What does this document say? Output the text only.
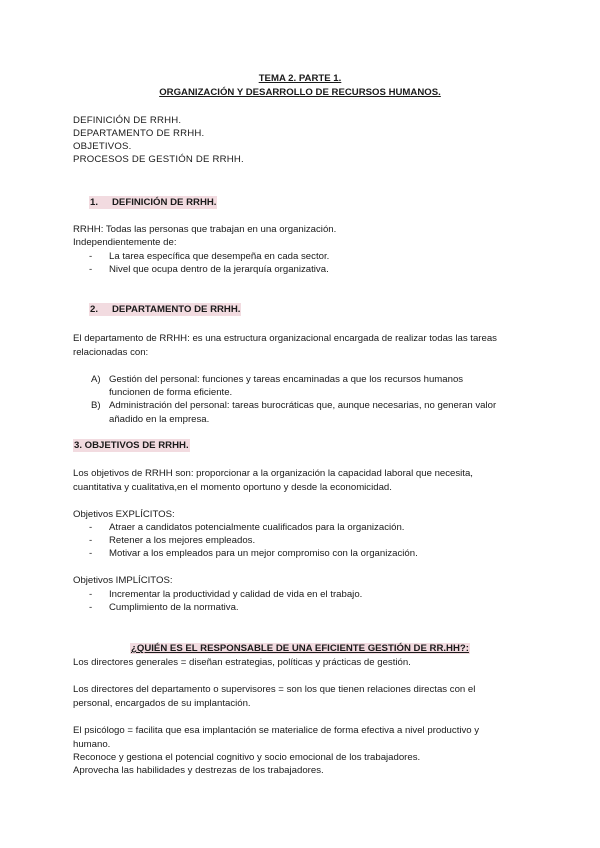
TEMA 2. PARTE 1.
ORGANIZACIÓN Y DESARROLLO DE RECURSOS HUMANOS.
DEFINICIÓN DE RRHH.
DEPARTAMENTO DE RRHH.
OBJETIVOS.
PROCESOS DE GESTIÓN DE RRHH.
1. DEFINICIÓN DE RRHH.
RRHH: Todas las personas que trabajan en una organización.
Independientemente de:
- La tarea específica que desempeña en cada sector.
- Nivel que ocupa dentro de la jerarquía organizativa.
2. DEPARTAMENTO DE RRHH.
El departamento de RRHH: es una estructura organizacional encargada de realizar todas las tareas
relacionadas con:
A) Gestión del personal: funciones y tareas encaminadas a que los recursos humanos
funcionen de forma eficiente.
B) Administración del personal: tareas burocráticas que, aunque necesarias, no generan valor
añadido en la empresa.
3. OBJETIVOS DE RRHH.
Los objetivos de RRHH son: proporcionar a la organización la capacidad laboral que necesita,
cuantitativa y cualitativa,en el momento oportuno y desde la economicidad.
Objetivos EXPLÍCITOS:
- Atraer a candidatos potencialmente cualificados para la organización.
- Retener a los mejores empleados.
- Motivar a los empleados para un mejor compromiso con la organización.
Objetivos IMPLÍCITOS:
- Incrementar la productividad y calidad de vida en el trabajo.
- Cumplimiento de la normativa.
¿QUIÉN ES EL RESPONSABLE DE UNA EFICIENTE GESTIÓN DE RR.HH?:
Los directores generales = diseñan estrategias, políticas y prácticas de gestión.
Los directores del departamento o supervisores = son los que tienen relaciones directas con el
personal, encargados de su implantación.
El psicólogo = facilita que esa implantación se materialice de forma efectiva a nivel productivo y
humano.
Reconoce y gestiona el potencial cognitivo y socio emocional de los trabajadores.
Aprovecha las habilidades y destrezas de los trabajadores.
